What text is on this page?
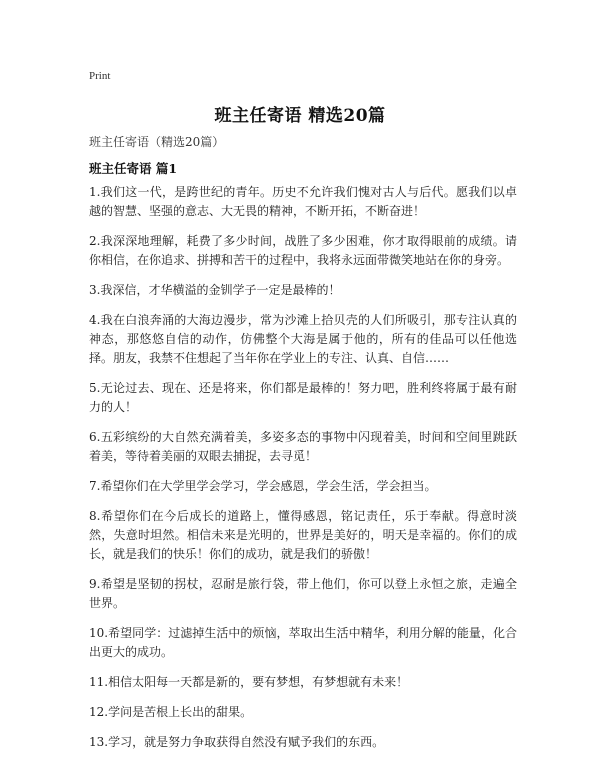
Print
班主任寄语 精选20篇
班主任寄语（精选20篇）
班主任寄语 篇1

1.我们这一代，是跨世纪的青年。历史不允许我们愧对古人与后代。愿我们以卓越的智慧、坚强的意志、大无畏的精神，不断开拓，不断奋进！

2.我深深地理解，耗费了多少时间，战胜了多少困难，你才取得眼前的成绩。请你相信，在你追求、拼搏和苦干的过程中，我将永远面带微笑地站在你的身旁。

3.我深信，才华横溢的金钏学子一定是最棒的！

4.我在白浪奔涌的大海边漫步，常为沙滩上拾贝壳的人们所吸引，那专注认真的神态，那悠悠自信的动作，仿佛整个大海是属于他的，所有的佳品可以任他选择。朋友，我禁不住想起了当年你在学业上的专注、认真、自信……

5.无论过去、现在、还是将来，你们都是最棒的！努力吧，胜利终将属于最有耐力的人！

6.五彩缤纷的大自然充满着美，多姿多态的事物中闪现着美，时间和空间里跳跃着美，等待着美丽的双眼去捕捉，去寻觅！

7.希望你们在大学里学会学习，学会感恩，学会生活，学会担当。

8.希望你们在今后成长的道路上，懂得感恩，铭记责任，乐于奉献。得意时淡然，失意时坦然。相信未来是光明的，世界是美好的，明天是幸福的。你们的成长，就是我们的快乐！你们的成功，就是我们的骄傲！

9.希望是坚韧的拐杖，忍耐是旅行袋，带上他们，你可以登上永恒之旅，走遍全世界。

10.希望同学：过滤掉生活中的烦恼，萃取出生活中精华，利用分解的能量，化合出更大的成功。

11.相信太阳每一天都是新的，要有梦想，有梦想就有未来！

12.学问是苦根上长出的甜果。

13.学习，就是努力争取获得自然没有赋予我们的东西。
